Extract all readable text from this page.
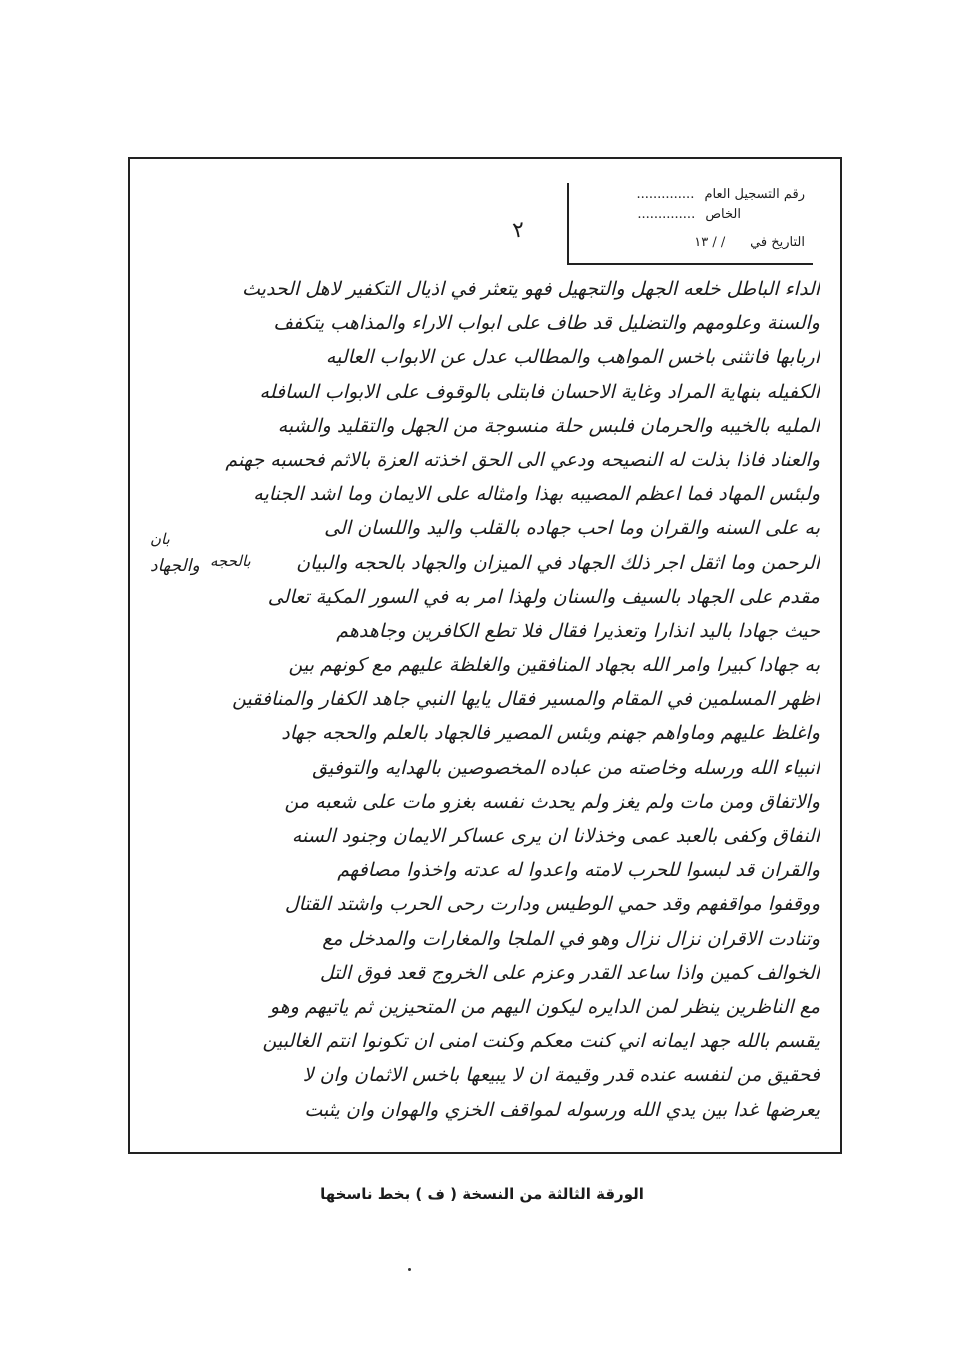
رقم التسجيل العام ..............
الخاص ..............
التاريخ في      / / ١٣
٢
الداء الباطل خلعه الجهل والتجهيل فهو يتعثر في اذيال التكفير لاهل الحديث
والسنة وعلومهم والتضليل قد طاف على ابواب الاراء والمذاهب يتكفف
اربابها فانثنى باخس المواهب والمطالب عدل عن الابواب العاليه
الكفيله بنهاية المراد وغاية الاحسان فابتلى بالوقوف على الابواب السافله
المليه بالخيبه والحرمان فلبس حلة منسوجة من الجهل والتقليد والشبه
والعناد فاذا بذلت له النصيحه ودعي الى الحق اخذته العزة بالاثم فحسبه جهنم
ولبئس المهاد فما اعظم المصيبه بهذا وامثاله على الايمان وما اشد الجنايه
به على السنه والقران وما احب جهاده بالقلب واليد واللسان الى
الرحمن وما اثقل اجر ذلك الجهاد في الميزان والجهاد بالحجه والبيان
مقدم على الجهاد بالسيف والسنان ولهذا امر به في السور المكية تعالى
حيث جهادا باليد انذارا وتعذيرا فقال فلا تطع الكافرين وجاهدهم
به جهادا كبيرا وامر الله بجهاد المنافقين والغلظة عليهم مع كونهم بين
اظهر المسلمين في المقام والمسير فقال يايها النبي جاهد الكفار والمنافقين
واغلظ عليهم وماواهم جهنم وبئس المصير فالجهاد بالعلم والحجه جهاد
انبياء الله ورسله وخاصته من عباده المخصوصين بالهدايه والتوفيق
والاتفاق ومن مات ولم يغز ولم يحدث نفسه بغزو مات على شعبه من
النفاق وكفى بالعبد عمى وخذلانا ان يرى عساكر الايمان وجنود السنه
والقران قد لبسوا للحرب لامته واعدوا له عدته واخذوا مصافهم
ووقفوا مواقفهم وقد حمي الوطيس ودارت رحى الحرب واشتد القتال
وتنادت الاقران نزال نزال وهو في الملجا والمغارات والمدخل مع
الخوالف كمين واذا ساعد القدر وعزم على الخروج قعد فوق التل
مع الناظرين ينظر لمن الدايره ليكون اليهم من المتحيزين ثم ياتيهم وهو
يقسم بالله جهد ايمانه اني كنت معكم وكنت امنى ان تكونوا انتم الغالبين
فحقيق من لنفسه عنده قدر وقيمة ان لا يبيعها باخس الاثمان وان لا
يعرضها غدا بين يدي الله ورسوله لمواقف الخزي والهوان وان يثبت
والجهاد
بان
بالحجه
الورقة الثالثة من النسخة ( ف ) بخط ناسخها
